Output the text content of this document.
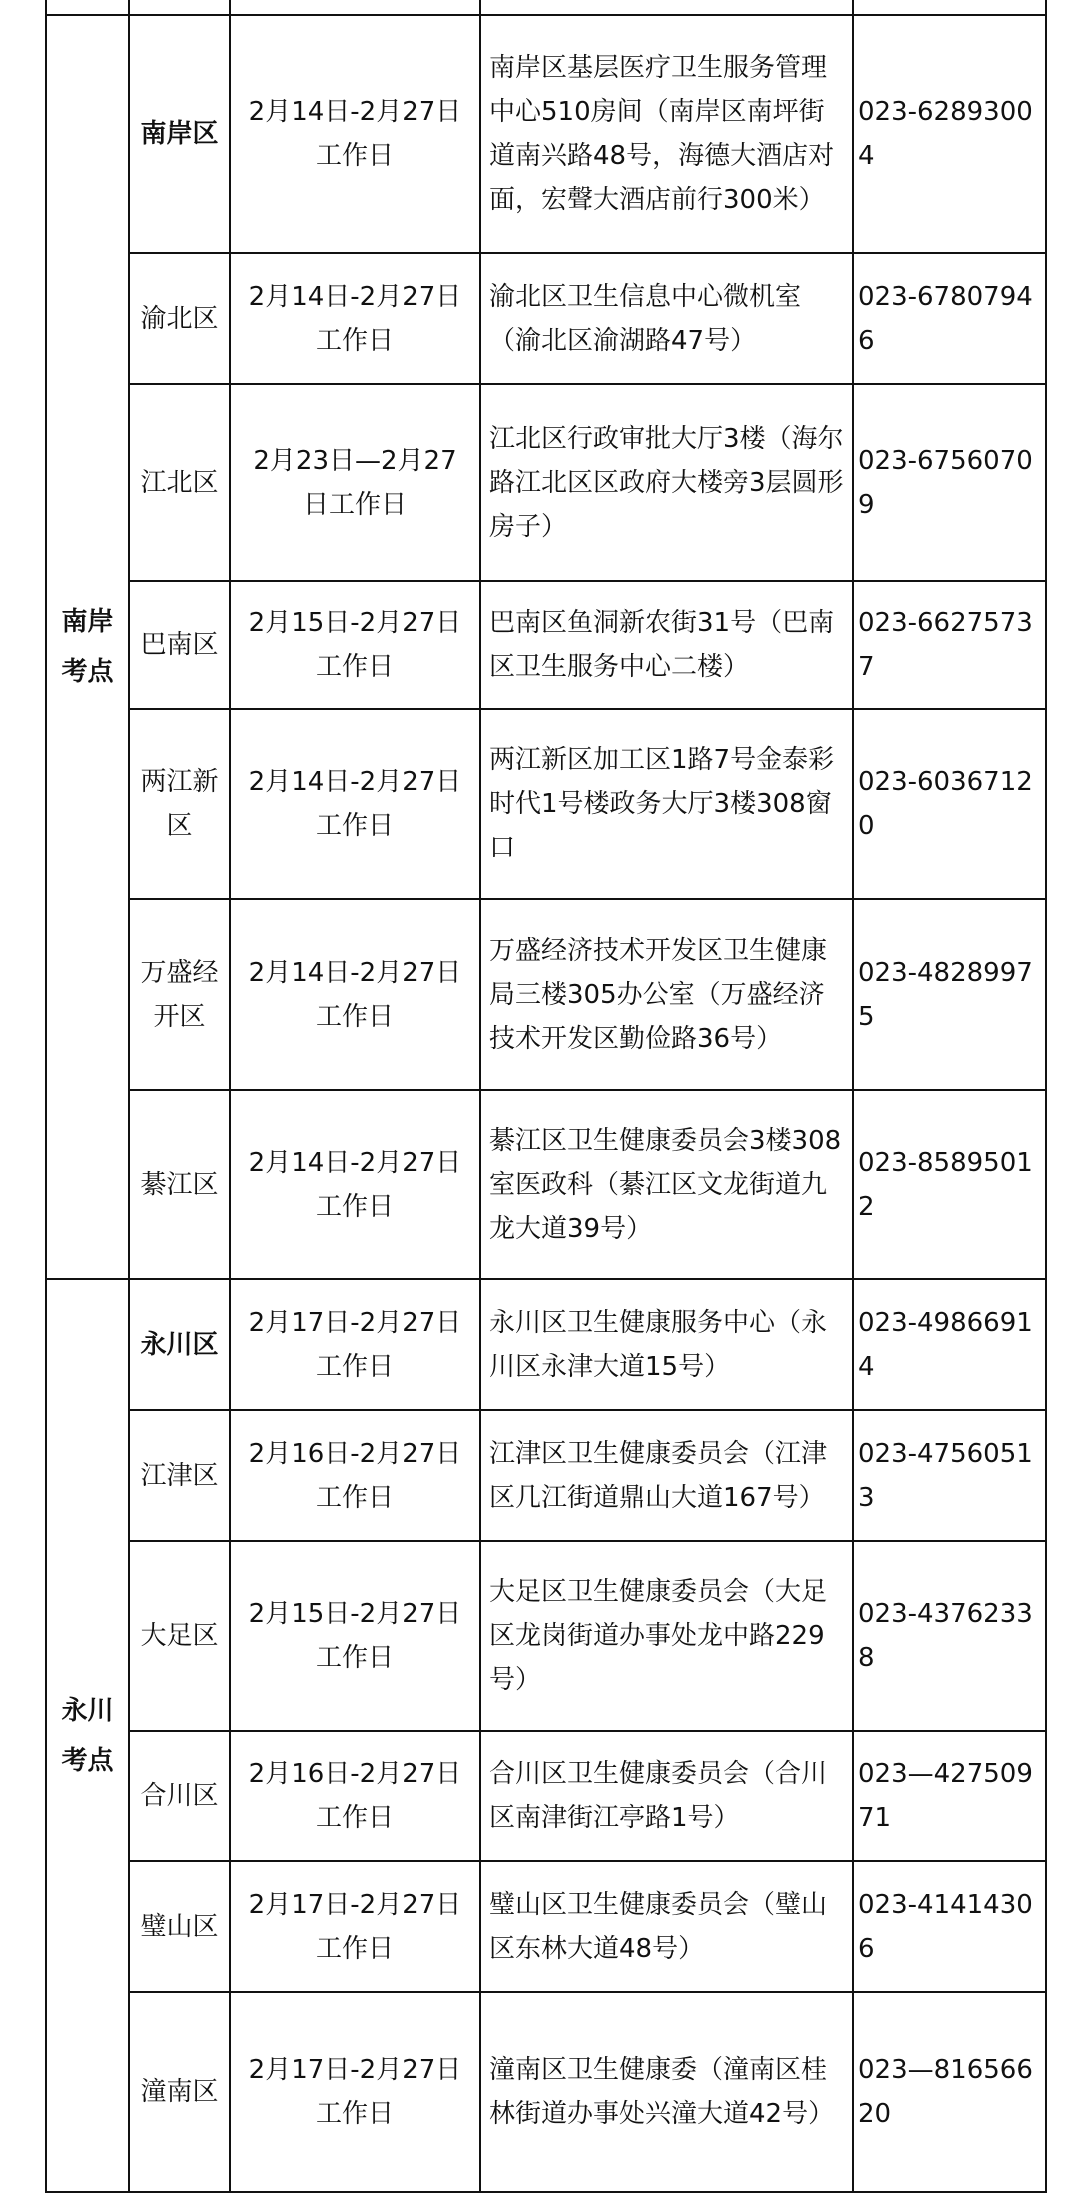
南岸考点	南岸区	2月14日-2月27日工作日	南岸区基层医疗卫生服务管理中心510房间（南岸区南坪街道南兴路48号，海德大酒店对面，宏聲大酒店前行300米）	023-62893004
	渝北区	2月14日-2月27日工作日	渝北区卫生信息中心微机室（渝北区渝湖路47号）	023-67807946
	江北区	2月23日—2月27日工作日	江北区行政审批大厅3楼（海尔路江北区区政府大楼旁3层圆形房子）	023-67560709
	巴南区	2月15日-2月27日工作日	巴南区鱼洞新农街31号（巴南区卫生服务中心二楼）	023-66275737
	两江新区	2月14日-2月27日工作日	两江新区加工区1路7号金泰彩时代1号楼政务大厅3楼308窗口	023-60367120
	万盛经开区	2月14日-2月27日工作日	万盛经济技术开发区卫生健康局三楼305办公室（万盛经济技术开发区勤俭路36号）	023-48289975
	綦江区	2月14日-2月27日工作日	綦江区卫生健康委员会3楼308室医政科（綦江区文龙街道九龙大道39号）	023-85895012
永川考点	永川区	2月17日-2月27日工作日	永川区卫生健康服务中心（永川区永津大道15号）	023-49866914
	江津区	2月16日-2月27日工作日	江津区卫生健康委员会（江津区几江街道鼎山大道167号）	023-47560513
	大足区	2月15日-2月27日工作日	大足区卫生健康委员会（大足区龙岗街道办事处龙中路229号）	023-43762338
	合川区	2月16日-2月27日工作日	合川区卫生健康委员会（合川区南津街江亭路1号）	023—42750971
	璧山区	2月17日-2月27日工作日	璧山区卫生健康委员会（璧山区东林大道48号）	023-41414306
	潼南区	2月17日-2月27日工作日	潼南区卫生健康委（潼南区桂林街道办事处兴潼大道42号）	023—81656620
